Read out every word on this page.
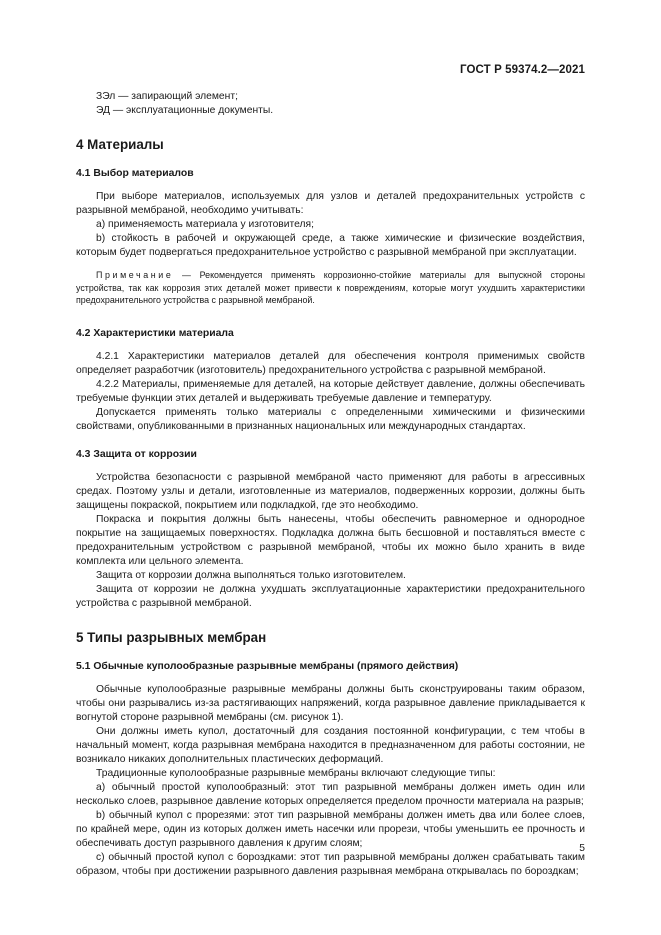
ГОСТ Р 59374.2—2021

ЗЭл — запирающий элемент;

ЭД — эксплуатационные документы.

4 Материалы
4.1 Выбор материалов

При выборе материалов, используемых для узлов и деталей предохранительных устройств с разрывной мембраной, необходимо учитывать:

а) применяемость материала у изготовителя;

b) стойкость в рабочей и окружающей среде, а также химические и физические воздействия, которым будет подвергаться предохранительное устройство с разрывной мембраной при эксплуатации.

Примечание — Рекомендуется применять коррозионно-стойкие материалы для выпускной стороны устройства, так как коррозия этих деталей может привести к повреждениям, которые могут ухудшить характеристики предохранительного устройства с разрывной мембраной.

4.2 Характеристики материала

4.2.1 Характеристики материалов деталей для обеспечения контроля применимых свойств определяет разработчик (изготовитель) предохранительного устройства с разрывной мембраной.

4.2.2 Материалы, применяемые для деталей, на которые действует давление, должны обеспечивать требуемые функции этих деталей и выдерживать требуемые давление и температуру.

Допускается применять только материалы с определенными химическими и физическими свойствами, опубликованными в признанных национальных или международных стандартах.

4.3 Защита от коррозии

Устройства безопасности с разрывной мембраной часто применяют для работы в агрессивных средах. Поэтому узлы и детали, изготовленные из материалов, подверженных коррозии, должны быть защищены покраской, покрытием или подкладкой, где это необходимо.

Покраска и покрытия должны быть нанесены, чтобы обеспечить равномерное и однородное покрытие на защищаемых поверхностях. Подкладка должна быть бесшовной и поставляться вместе с предохранительным устройством с разрывной мембраной, чтобы их можно было хранить в виде комплекта или цельного элемента.

Защита от коррозии должна выполняться только изготовителем.

Защита от коррозии не должна ухудшать эксплуатационные характеристики предохранительного устройства с разрывной мембраной.

5 Типы разрывных мембран
5.1 Обычные куполообразные разрывные мембраны (прямого действия)

Обычные куполообразные разрывные мембраны должны быть сконструированы таким образом, чтобы они разрывались из-за растягивающих напряжений, когда разрывное давление прикладывается к вогнутой стороне разрывной мембраны (см. рисунок 1).

Они должны иметь купол, достаточный для создания постоянной конфигурации, с тем чтобы в начальный момент, когда разрывная мембрана находится в предназначенном для работы состоянии, не возникало никаких дополнительных пластических деформаций.

Традиционные куполообразные разрывные мембраны включают следующие типы:

а) обычный простой куполообразный: этот тип разрывной мембраны должен иметь один или несколько слоев, разрывное давление которых определяется пределом прочности материала на разрыв;

b) обычный купол с прорезями: этот тип разрывной мембраны должен иметь два или более слоев, по крайней мере, один из которых должен иметь насечки или прорези, чтобы уменьшить ее прочность и обеспечивать доступ разрывного давления к другим слоям;

с) обычный простой купол с бороздками: этот тип разрывной мембраны должен срабатывать таким образом, чтобы при достижении разрывного давления разрывная мембрана открывалась по бороздкам;

5
